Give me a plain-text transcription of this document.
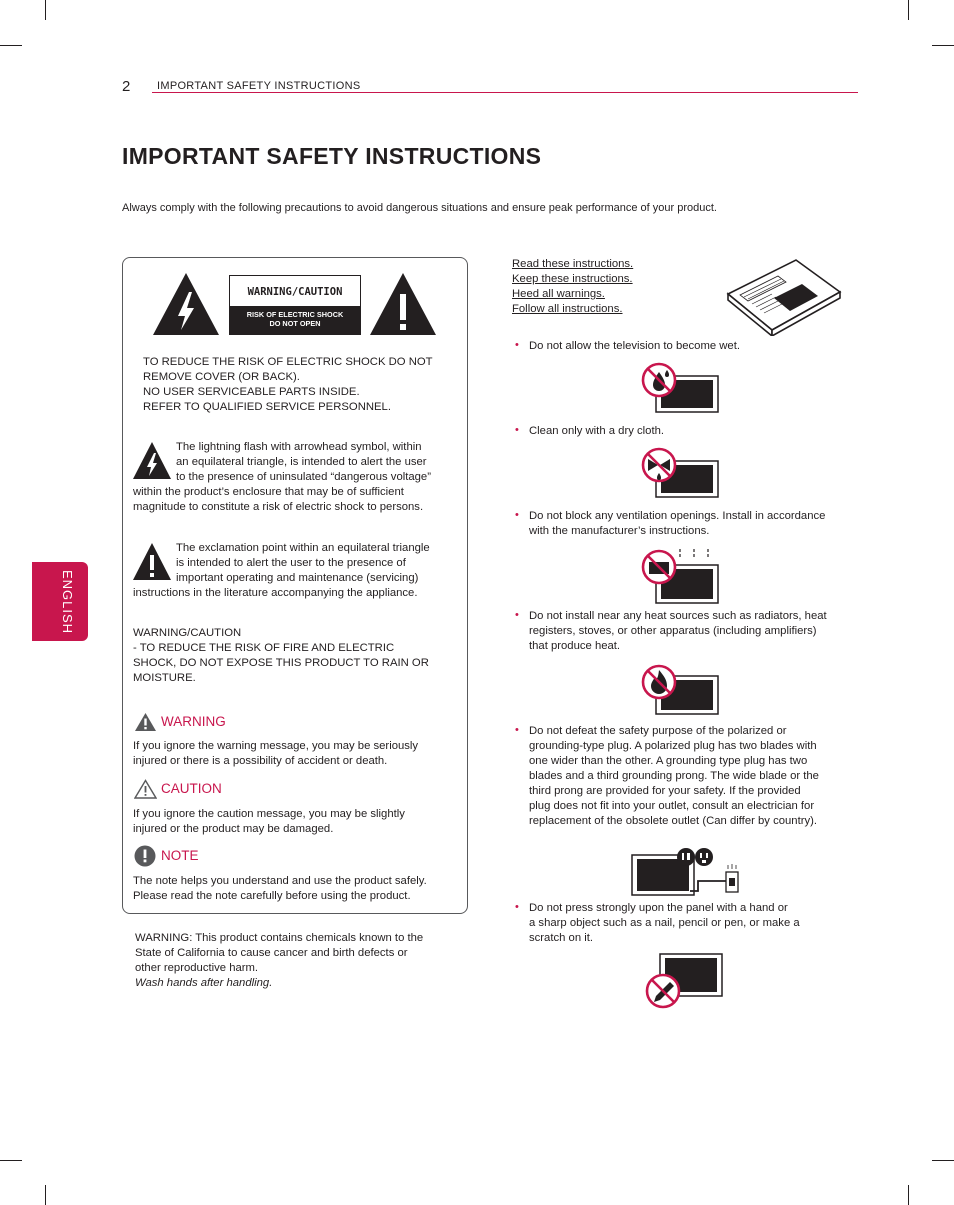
2 IMPORTANT SAFETY INSTRUCTIONS
IMPORTANT SAFETY INSTRUCTIONS
Always comply with the following precautions to avoid dangerous situations and ensure peak performance of your product.
ENGLISH
WARNING/CAUTION
RISK OF ELECTRIC SHOCK
DO NOT OPEN
TO REDUCE THE RISK OF ELECTRIC SHOCK DO NOT
REMOVE COVER (OR BACK).
NO USER SERVICEABLE PARTS INSIDE.
REFER TO QUALIFIED SERVICE PERSONNEL.
The lightning flash with arrowhead symbol, within
an equilateral triangle, is intended to alert the user
to the presence of uninsulated “dangerous voltage”
within the product’s enclosure that may be of sufficient
magnitude to constitute a risk of electric shock to persons.
The exclamation point within an equilateral triangle
is intended to alert the user to the presence of
important operating and maintenance (servicing)
instructions in the literature accompanying the appliance.
WARNING/CAUTION
- TO REDUCE THE RISK OF FIRE AND ELECTRIC
SHOCK, DO NOT EXPOSE THIS PRODUCT TO RAIN OR
MOISTURE.
WARNING
If you ignore the warning message, you may be seriously
injured or there is a possibility of accident or death.
CAUTION
If you ignore the caution message, you may be slightly
injured or the product may be damaged.
NOTE
The note helps you understand and use the product safely.
Please read the note carefully before using the product.
WARNING: This product contains chemicals known to the
State of California to cause cancer and birth defects or
other reproductive harm.
Wash hands after handling.
Read these instructions.
Keep these instructions.
Heed all warnings.
Follow all instructions.
• Do not allow the television to become wet.
• Clean only with a dry cloth.
• Do not block any ventilation openings. Install in accordance
with the manufacturer’s instructions.
• Do not install near any heat sources such as radiators, heat
registers, stoves, or other apparatus (including amplifiers)
that produce heat.
• Do not defeat the safety purpose of the polarized or
grounding-type plug. A polarized plug has two blades with
one wider than the other. A grounding type plug has two
blades and a third grounding prong. The wide blade or the
third prong are provided for your safety. If the provided
plug does not fit into your outlet, consult an electrician for
replacement of the obsolete outlet (Can differ by country).
• Do not press strongly upon the panel with a hand or
a sharp object such as a nail, pencil or pen, or make a
scratch on it.
